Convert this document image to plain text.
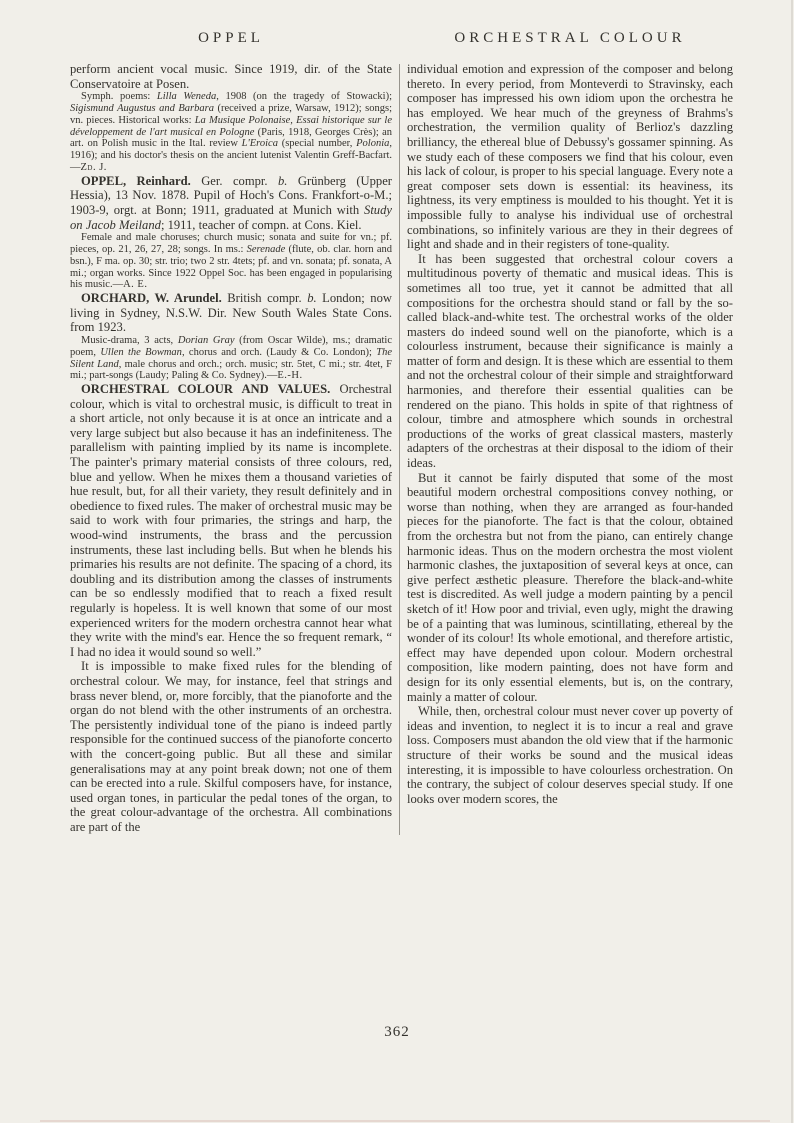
OPPEL	ORCHESTRAL COLOUR

perform ancient vocal music. Since 1919, dir. of the State Conservatoire at Posen.

Symph. poems: Lilla Weneda, 1908 (on the tragedy of Stowacki); Sigismund Augustus and Barbara (received a prize, Warsaw, 1912); songs; vn. pieces. Historical works: La Musique Polonaise, Essai historique sur le développement de l'art musical en Pologne (Paris, 1918, Georges Crès); an art. on Polish music in the Ital. review L'Eroica (special number, Polonia, 1916); and his doctor's thesis on the ancient lutenist Valentin Greff-Bacfart.—Zd. J.

OPPEL, Reinhard. Ger. compr. b. Grünberg (Upper Hessia), 13 Nov. 1878. Pupil of Hoch's Cons. Frankfort-o-M.; 1903-9, orgt. at Bonn; 1911, graduated at Munich with Study on Jacob Meiland; 1911, teacher of compn. at Cons. Kiel.

Female and male choruses; church music; sonata and suite for vn.; pf. pieces, op. 21, 26, 27, 28; songs. In ms.: Serenade (flute, ob. clar. horn and bsn.), F ma. op. 30; str. trio; two 2 str. 4tets; pf. and vn. sonata; pf. sonata, A mi.; organ works. Since 1922 Oppel Soc. has been engaged in popularising his music.—A. E.

ORCHARD, W. Arundel. British compr. b. London; now living in Sydney, N.S.W. Dir. New South Wales State Cons. from 1923.

Music-drama, 3 acts, Dorian Gray (from Oscar Wilde), ms.; dramatic poem, Ullen the Bowman, chorus and orch. (Laudy & Co. London); The Silent Land, male chorus and orch.; orch. music; str. 5tet, C mi.; str. 4tet, F mi.; part-songs (Laudy; Paling & Co. Sydney).—E.-H.

ORCHESTRAL COLOUR AND VALUES. Orchestral colour, which is vital to orchestral music, is difficult to treat in a short article, not only because it is at once an intricate and a very large subject but also because it has an indefiniteness. The parallelism with painting implied by its name is incomplete. The painter's primary material consists of three colours, red, blue and yellow. When he mixes them a thousand varieties of hue result, but, for all their variety, they result definitely and in obedience to fixed rules. The maker of orchestral music may be said to work with four primaries, the strings and harp, the wood-wind instruments, the brass and the percussion instruments, these last including bells. But when he blends his primaries his results are not definite. The spacing of a chord, its doubling and its distribution among the classes of instruments can be so endlessly modified that to reach a fixed result regularly is hopeless. It is well known that some of our most experienced writers for the modern orchestra cannot hear what they write with the mind's ear. Hence the so frequent remark, “ I had no idea it would sound so well.”

It is impossible to make fixed rules for the blending of orchestral colour. We may, for instance, feel that strings and brass never blend, or, more forcibly, that the pianoforte and the organ do not blend with the other instruments of an orchestra. The persistently individual tone of the piano is indeed partly responsible for the continued success of the pianoforte concerto with the concert-going public. But all these and similar generalisations may at any point break down; not one of them can be erected into a rule. Skilful composers have, for instance, used organ tones, in particular the pedal tones of the organ, to the great colour-advantage of the orchestra. All combinations are part of the

individual emotion and expression of the composer and belong thereto. In every period, from Monteverdi to Stravinsky, each composer has impressed his own idiom upon the orchestra he has employed. We hear much of the greyness of Brahms's orchestration, the vermilion quality of Berlioz's dazzling brilliancy, the ethereal blue of Debussy's gossamer spinning. As we study each of these composers we find that his colour, even his lack of colour, is proper to his special language. Every note a great composer sets down is essential: its heaviness, its lightness, its very emptiness is moulded to his thought. Yet it is impossible fully to analyse his individual use of orchestral combinations, so infinitely various are they in their degrees of light and shade and in their registers of tone-quality.

It has been suggested that orchestral colour covers a multitudinous poverty of thematic and musical ideas. This is sometimes all too true, yet it cannot be admitted that all compositions for the orchestra should stand or fall by the so-called black-and-white test. The orchestral works of the older masters do indeed sound well on the pianoforte, which is a colourless instrument, because their significance is mainly a matter of form and design. It is these which are essential to them and not the orchestral colour of their simple and straightforward harmonies, and therefore their essential qualities can be rendered on the piano. This holds in spite of that rightness of colour, timbre and atmosphere which sounds in orchestral productions of the works of great classical masters, masterly adapters of the orchestras at their disposal to the idiom of their ideas.

But it cannot be fairly disputed that some of the most beautiful modern orchestral compositions convey nothing, or worse than nothing, when they are arranged as four-handed pieces for the pianoforte. The fact is that the colour, obtained from the orchestra but not from the piano, can entirely change harmonic ideas. Thus on the modern orchestra the most violent harmonic clashes, the juxtaposition of several keys at once, can give perfect æsthetic pleasure. Therefore the black-and-white test is discredited. As well judge a modern painting by a pencil sketch of it! How poor and trivial, even ugly, might the drawing be of a painting that was luminous, scintillating, ethereal by the wonder of its colour! Its whole emotional, and therefore artistic, effect may have depended upon colour. Modern orchestral composition, like modern painting, does not have form and design for its only essential elements, but is, on the contrary, mainly a matter of colour.

While, then, orchestral colour must never cover up poverty of ideas and invention, to neglect it is to incur a real and grave loss. Composers must abandon the old view that if the harmonic structure of their works be sound and the musical ideas interesting, it is impossible to have colourless orchestration. On the contrary, the subject of colour deserves special study. If one looks over modern scores, the

362
